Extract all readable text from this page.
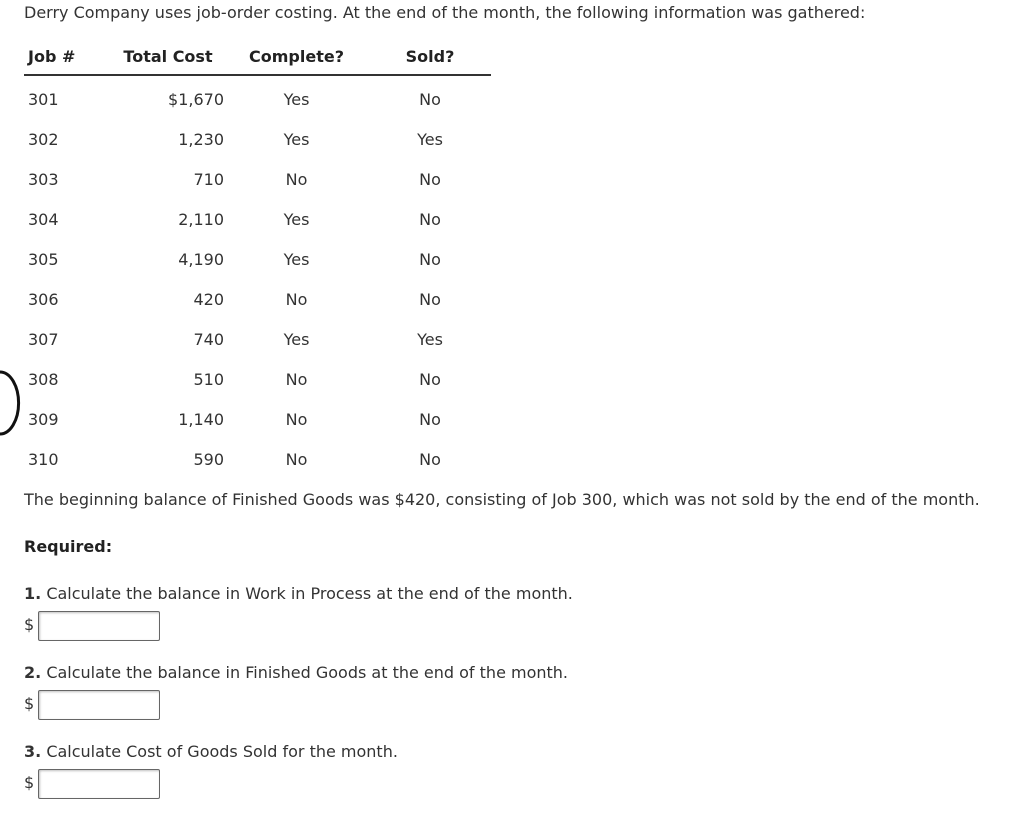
Derry Company uses job-order costing. At the end of the month, the following information was gathered:
Job #	Total Cost	Complete?	Sold?
301	$1,670	Yes	No
302	1,230	Yes	Yes
303	710	No	No
304	2,110	Yes	No
305	4,190	Yes	No
306	420	No	No
307	740	Yes	Yes
308	510	No	No
309	1,140	No	No
310	590	No	No
The beginning balance of Finished Goods was $420, consisting of Job 300, which was not sold by the end of the month.
Required:
1. Calculate the balance in Work in Process at the end of the month.
$
2. Calculate the balance in Finished Goods at the end of the month.
$
3. Calculate Cost of Goods Sold for the month.
$
